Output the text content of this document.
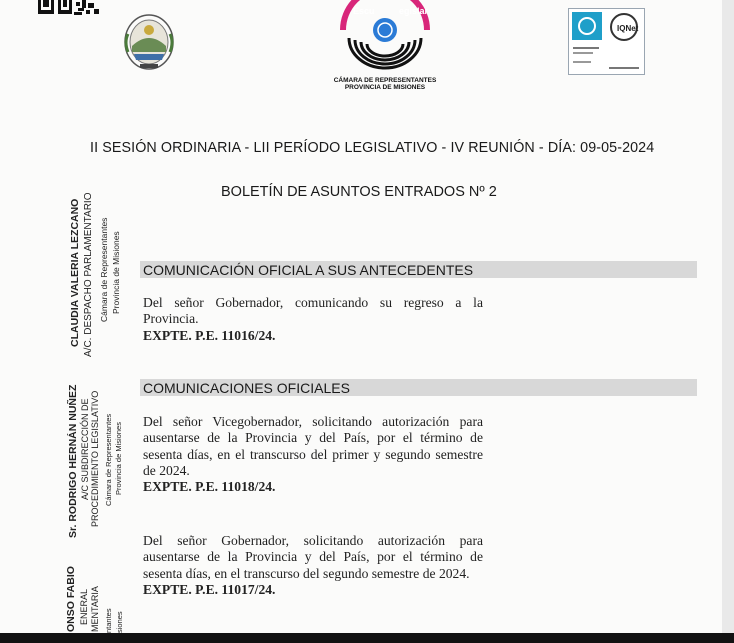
Escu	egislar
CÁMARA DE REPRESENTANTES
PROVINCIA DE MISIONES
IQNet
II SESIÓN ORDINARIA - LII PERÍODO LEGISLATIVO - IV REUNIÓN - DÍA: 09-05-2024
BOLETÍN DE ASUNTOS ENTRADOS Nº 2
COMUNICACIÓN OFICIAL A SUS ANTECEDENTES
Del señor Gobernador, comunicando su regreso a la Provincia.
EXPTE. P.E. 11016/24.
COMUNICACIONES OFICIALES
Del señor Vicegobernador, solicitando autorización para ausentarse de la Provincia y del País, por el término de sesenta días, en el transcurso del primer y segundo semestre de 2024.
EXPTE. P.E. 11018/24.
Del señor Gobernador, solicitando autorización para ausentarse de la Provincia y del País, por el término de sesenta días, en el transcurso del segundo semestre de 2024.
EXPTE. P.E. 11017/24.
CLAUDIA VALERIA LEZCANO A/C. DESPACHO PARLAMENTARIO Cámara de Representantes Provincia de Misiones
Sr. RODRIGO HERNÁN NUÑEZ A/C SUBDIRECCIÓN DE PROCEDIMIENTO LEGISLATIVO Cámara de Representantes Provincia de Misiones
ONSO FABIO ENERAL MENTARIA ntantes siones
